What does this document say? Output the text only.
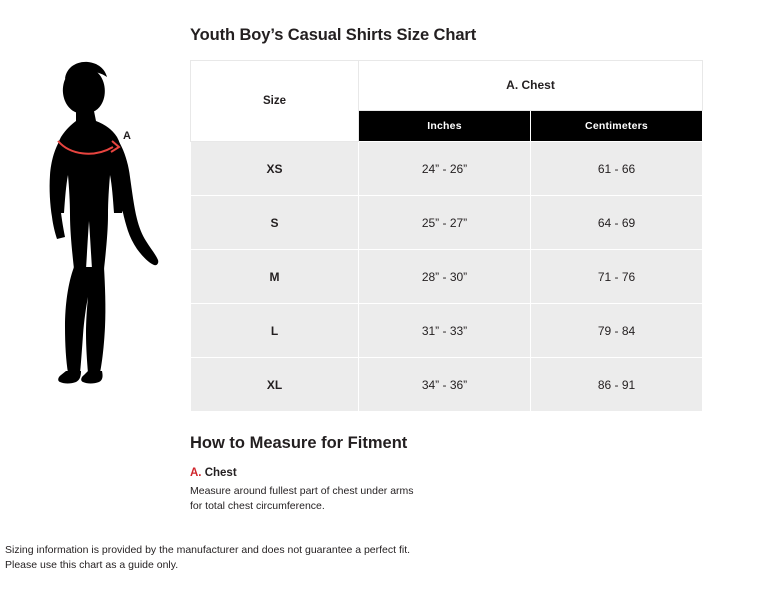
A
Youth Boy’s Casual Shirts Size Chart
Size	A. Chest	
	Inches	Centimeters
XS	24” - 26”	61 - 66
S	25” - 27”	64 - 69
M	28” - 30”	71 - 76
L	31” - 33”	79 - 84
XL	34” - 36”	86 - 91
How to Measure for Fitment

A. Chest

Measure around fullest part of chest under arms
for total chest circumference.

Sizing information is provided by the manufacturer and does not guarantee a perfect fit.
Please use this chart as a guide only.
